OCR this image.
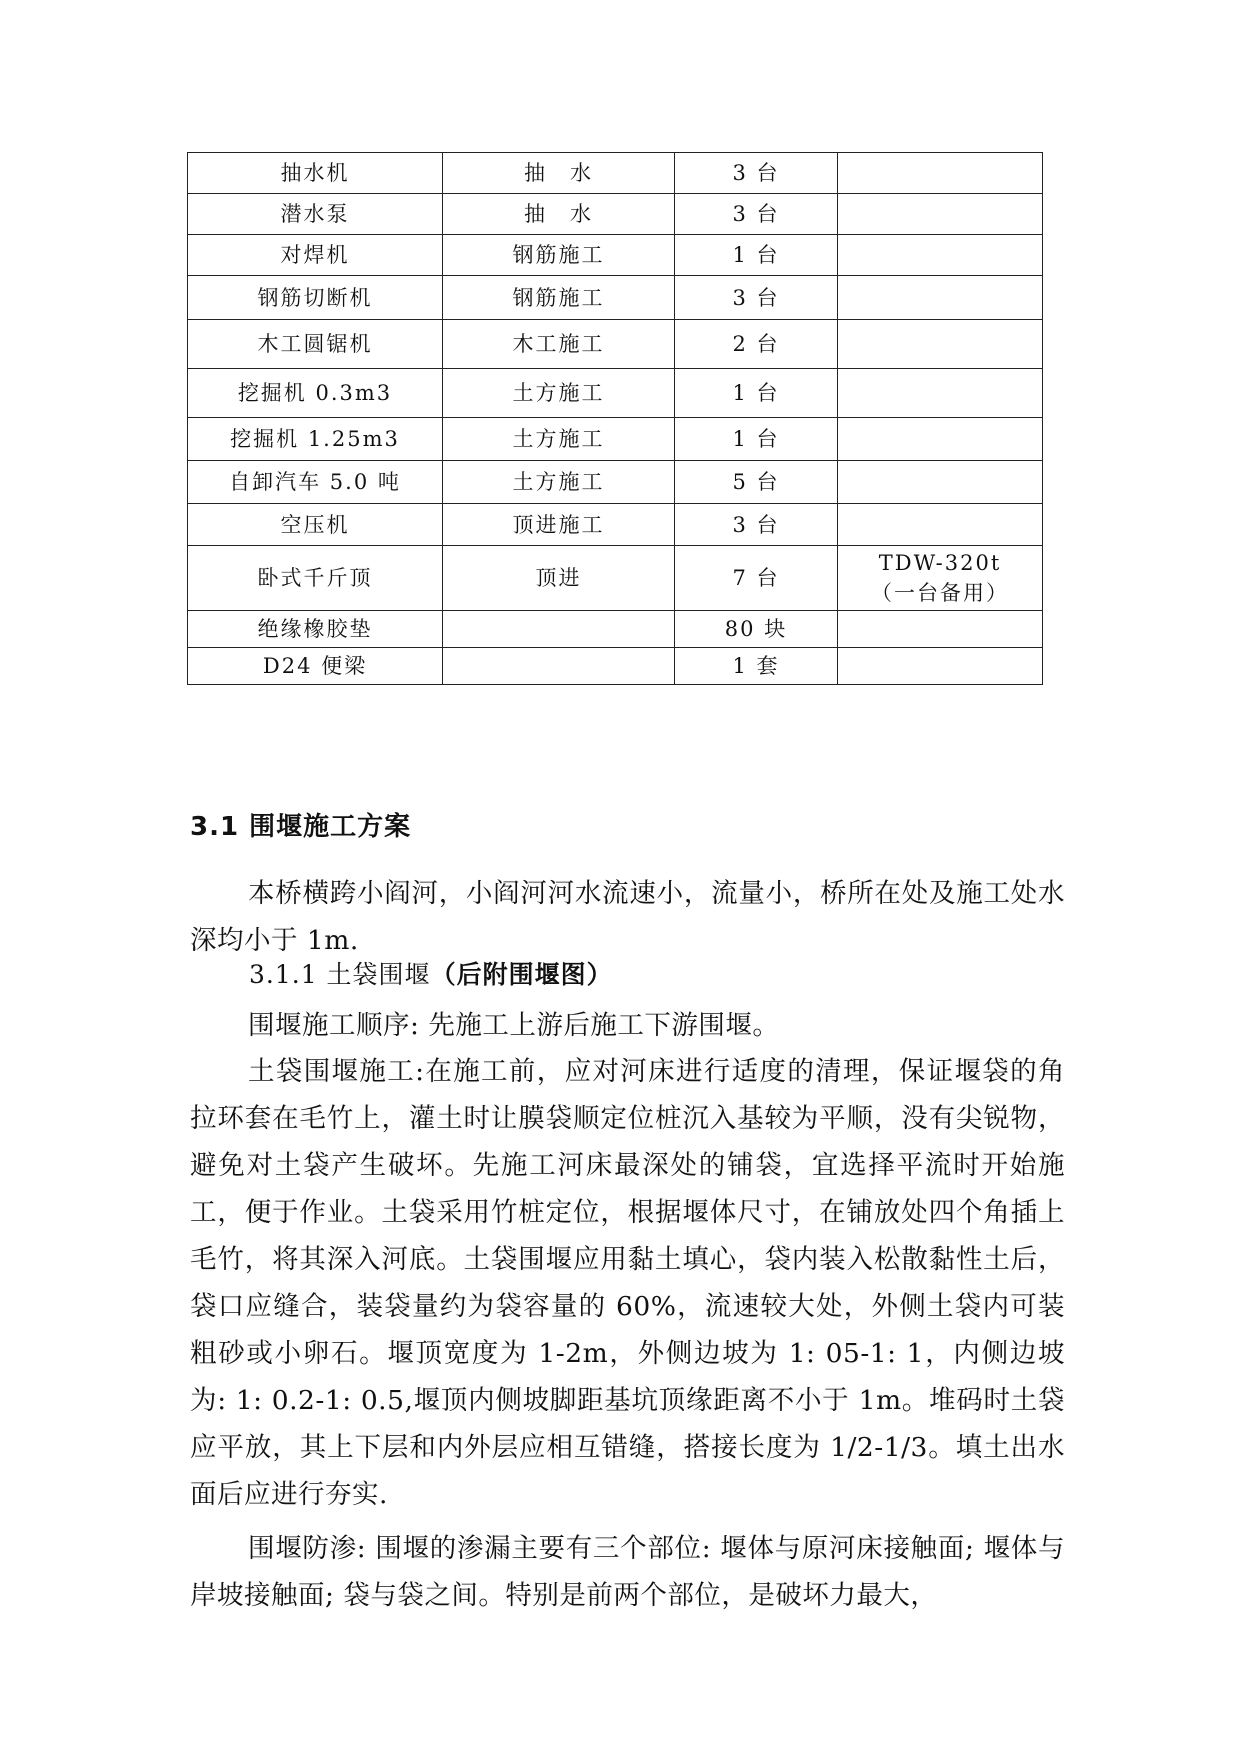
抽水机	抽　水	3 台	

潜水泵	抽　水	3 台	

对焊机	钢筋施工	1 台	

钢筋切断机	钢筋施工	3 台	

木工圆锯机	木工施工	2 台	

挖掘机 0.3m3	土方施工	1 台	

挖掘机 1.25m3	土方施工	1 台	

自卸汽车 5.0 吨	土方施工	5 台	

空压机	顶进施工	3 台	

卧式千斤顶	顶进	7 台	TDW-320t
（一台备用）

绝缘橡胶垫		80 块	

D24 便梁		1 套	

3.1 围堰施工方案

本桥横跨小阎河，小阎河河水流速小，流量小，桥所在处及施工处水深均小于 1m.

3.1.1 土袋围堰（后附围堰图）

围堰施工顺序: 先施工上游后施工下游围堰。

土袋围堰施工:在施工前，应对河床进行适度的清理，保证堰袋的角拉环套在毛竹上，灌土时让膜袋顺定位桩沉入基较为平顺，没有尖锐物，避免对土袋产生破坏。先施工河床最深处的铺袋，宜选择平流时开始施工，便于作业。土袋采用竹桩定位，根据堰体尺寸，在铺放处四个角插上毛竹，将其深入河底。土袋围堰应用黏土填心，袋内装入松散黏性土后，袋口应缝合，装袋量约为袋容量的 60%，流速较大处，外侧土袋内可装粗砂或小卵石。堰顶宽度为 1-2m，外侧边坡为 1: 05-1: 1，内侧边坡为: 1: 0.2-1: 0.5,堰顶内侧坡脚距基坑顶缘距离不小于 1m。堆码时土袋应平放，其上下层和内外层应相互错缝，搭接长度为 1/2-1/3。填土出水面后应进行夯实.

围堰防渗: 围堰的渗漏主要有三个部位: 堰体与原河床接触面; 堰体与岸坡接触面; 袋与袋之间。特别是前两个部位，是破坏力最大，
